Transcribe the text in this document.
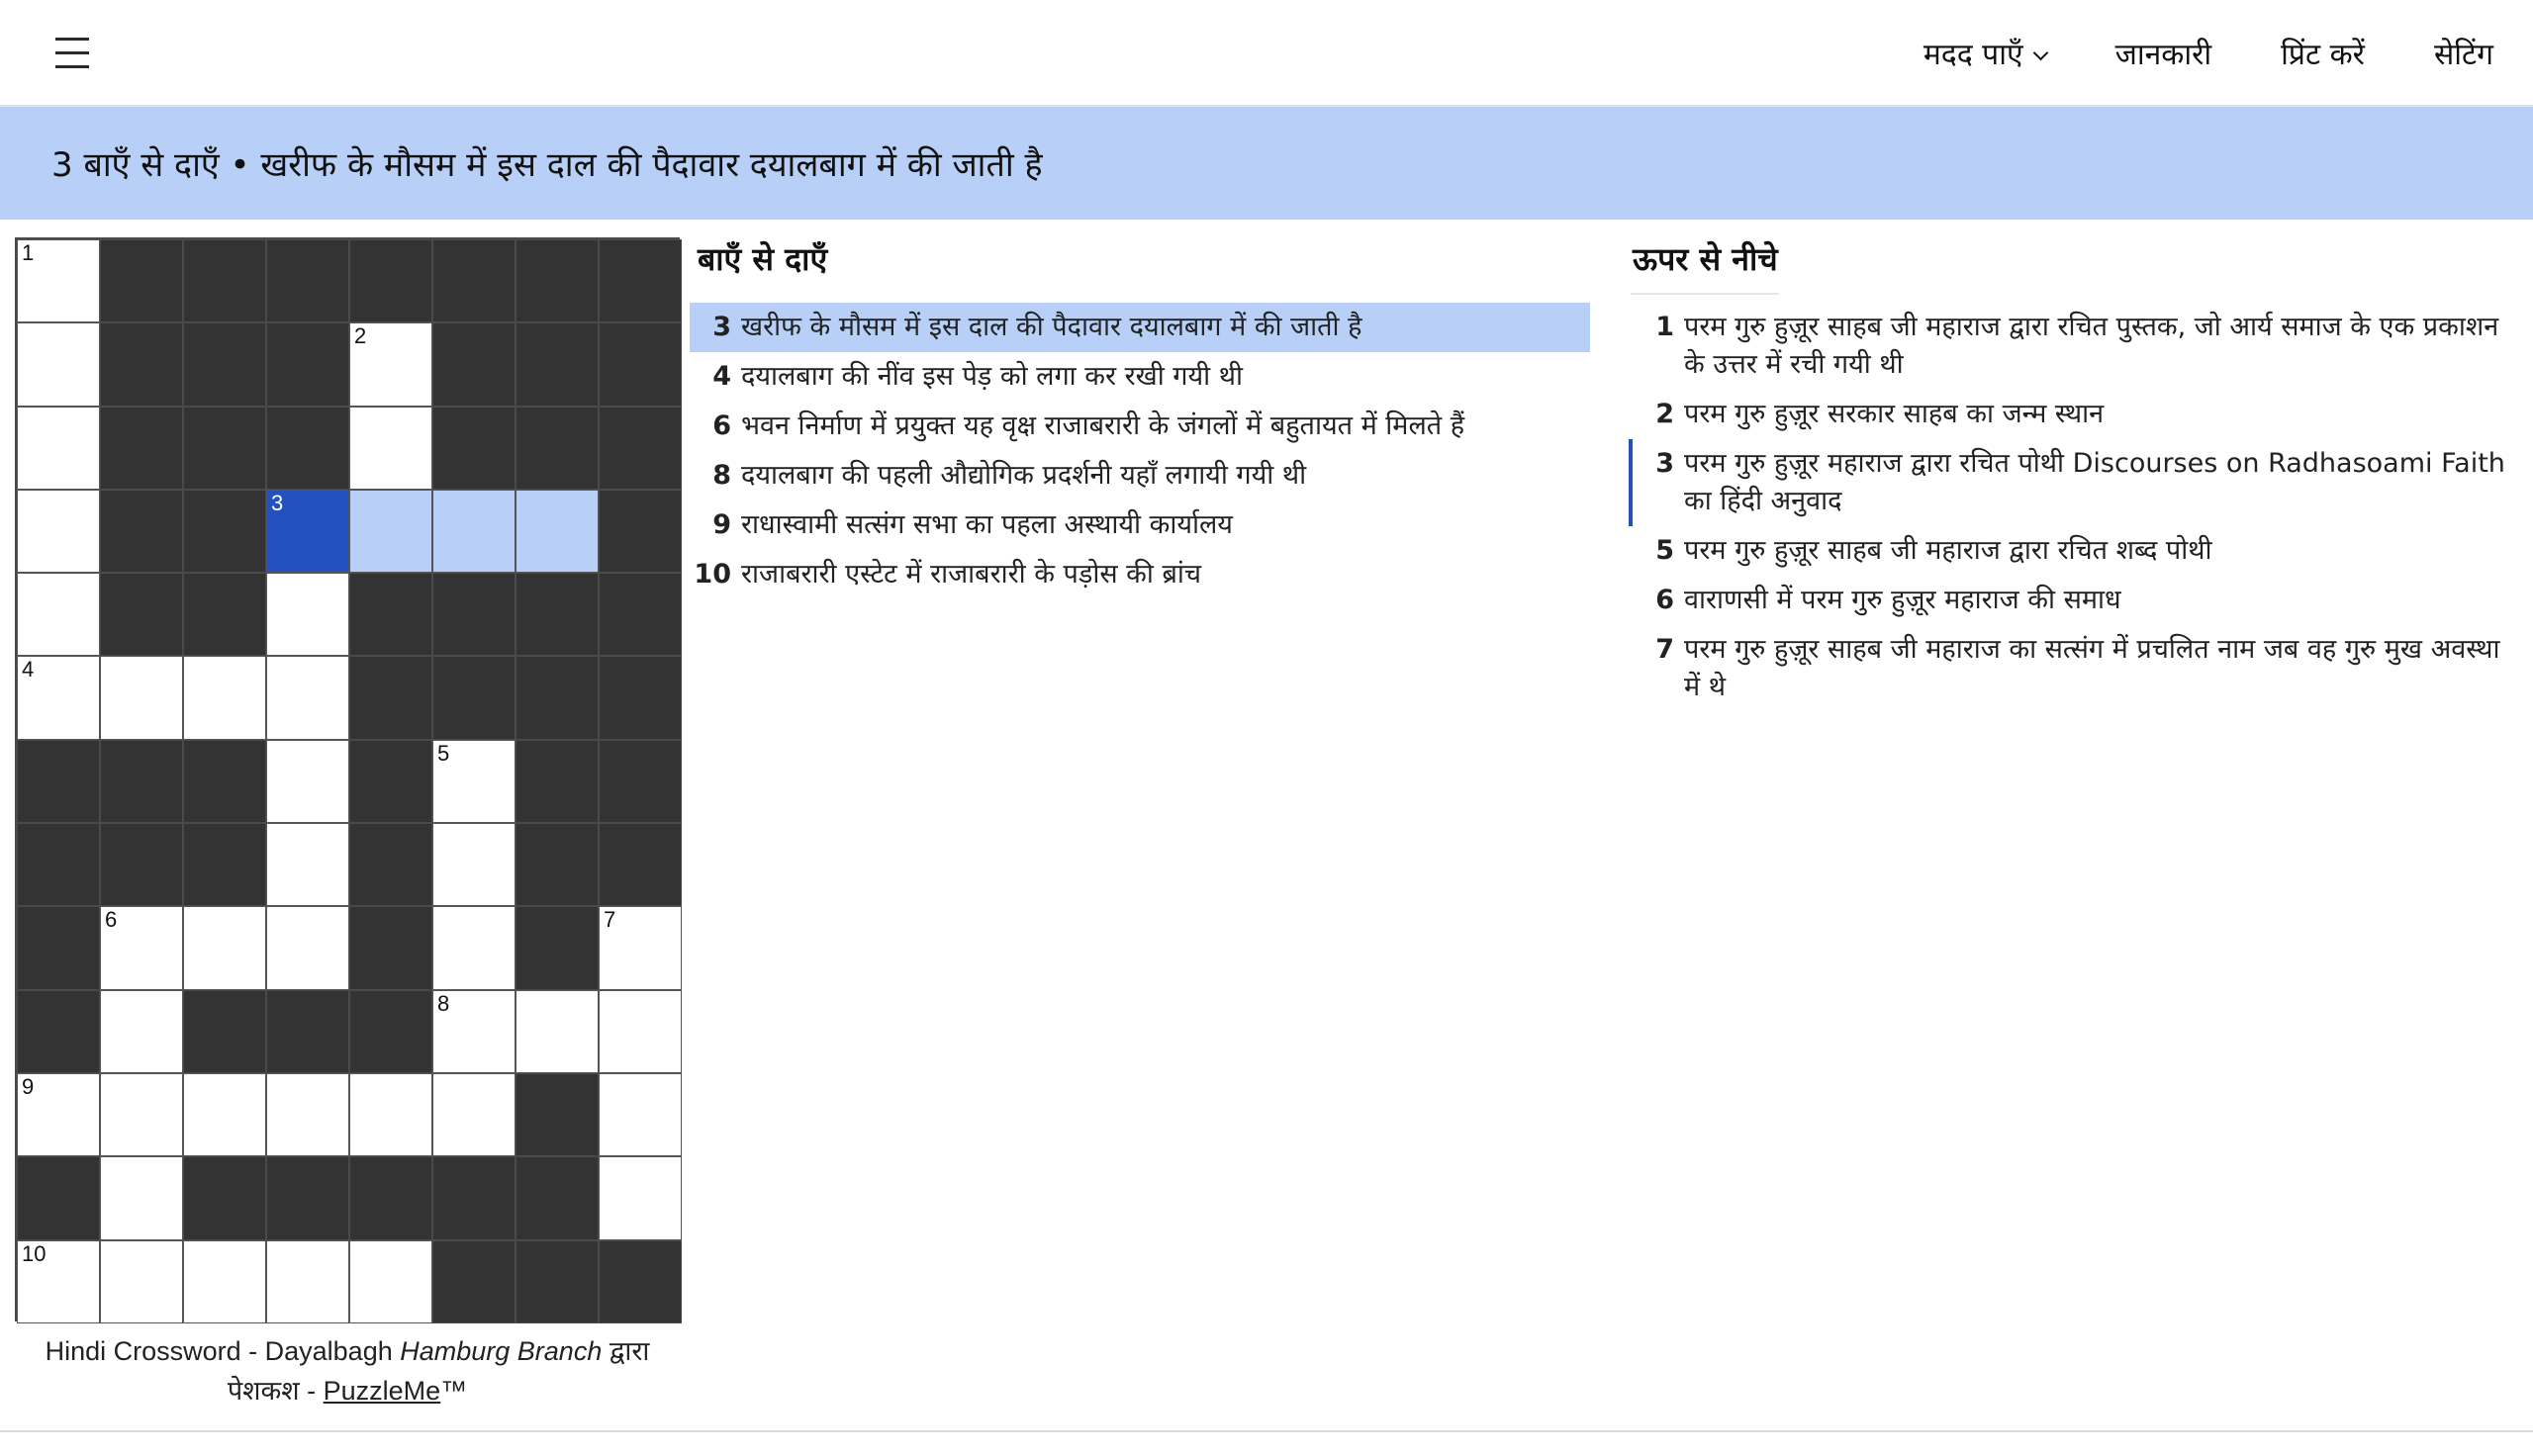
मदद पाएँ	जानकारी प्रिंट करें सेटिंग
3 बाएँ से दाएँ • खरीफ के मौसम में इस दाल की पैदावार दयालबाग में की जाती है
1
2
3
4
5
6	7
8
9
10
Hindi Crossword - Dayalbagh Hamburg Branch द्वारा
पेशकश - PuzzleMe™
बाएँ से दाएँ
3 खरीफ के मौसम में इस दाल की पैदावार दयालबाग में की जाती है
4 दयालबाग की नींव इस पेड़ को लगा कर रखी गयी थी
6 भवन निर्माण में प्रयुक्त यह वृक्ष राजाबरारी के जंगलों में बहुतायत में मिलते हैं
8 दयालबाग की पहली औद्योगिक प्रदर्शनी यहाँ लगायी गयी थी
9 राधास्वामी सत्संग सभा का पहला अस्थायी कार्यालय
10 राजाबरारी एस्टेट में राजाबरारी के पड़ोस की ब्रांच
ऊपर से नीचे
1 परम गुरु हुज़ूर साहब जी महाराज द्वारा रचित पुस्तक, जो आर्य समाज के एक प्रकाशन के उत्तर में रची गयी थी
2 परम गुरु हुज़ूर सरकार साहब का जन्म स्थान
3 परम गुरु हुज़ूर महाराज द्वारा रचित पोथी Discourses on Radhasoami Faith का हिंदी अनुवाद
5 परम गुरु हुज़ूर साहब जी महाराज द्वारा रचित शब्द पोथी
6 वाराणसी में परम गुरु हुज़ूर महाराज की समाध
7 परम गुरु हुज़ूर साहब जी महाराज का सत्संग में प्रचलित नाम जब वह गुरु मुख अवस्था में थे
